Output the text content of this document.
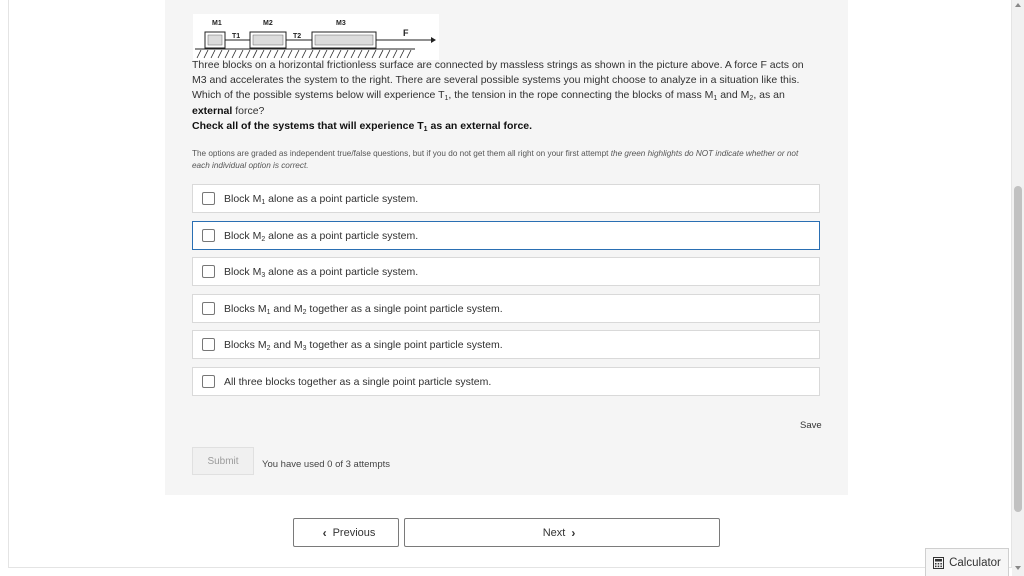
M1	M2	M3
T1	T2	F
Three blocks on a horizontal frictionless surface are connected by massless strings as shown in the picture above. A force F acts on M3 and accelerates the system to the right. There are several possible systems you might choose to analyze in a situation like this. Which of the possible systems below will experience $T_1$, the tension in the rope connecting the blocks of mass $M_1$ and $M_2$, as an external force?
Check all of the systems that will experience $T_1$ as an external force.
The options are graded as independent true/false questions, but if you do not get them all right on your first attempt the green highlights do NOT indicate whether or not each individual option is correct.
Block $M_1$ alone as a point particle system.
Block $M_2$ alone as a point particle system.
Block $M_3$ alone as a point particle system.
Blocks $M_1$ and $M_2$ together as a single point particle system.
Blocks $M_2$ and $M_3$ together as a single point particle system.
All three blocks together as a single point particle system.
Save
Submit	You have used 0 of 3 attempts
‹ Previous	Next ›
Calculator
